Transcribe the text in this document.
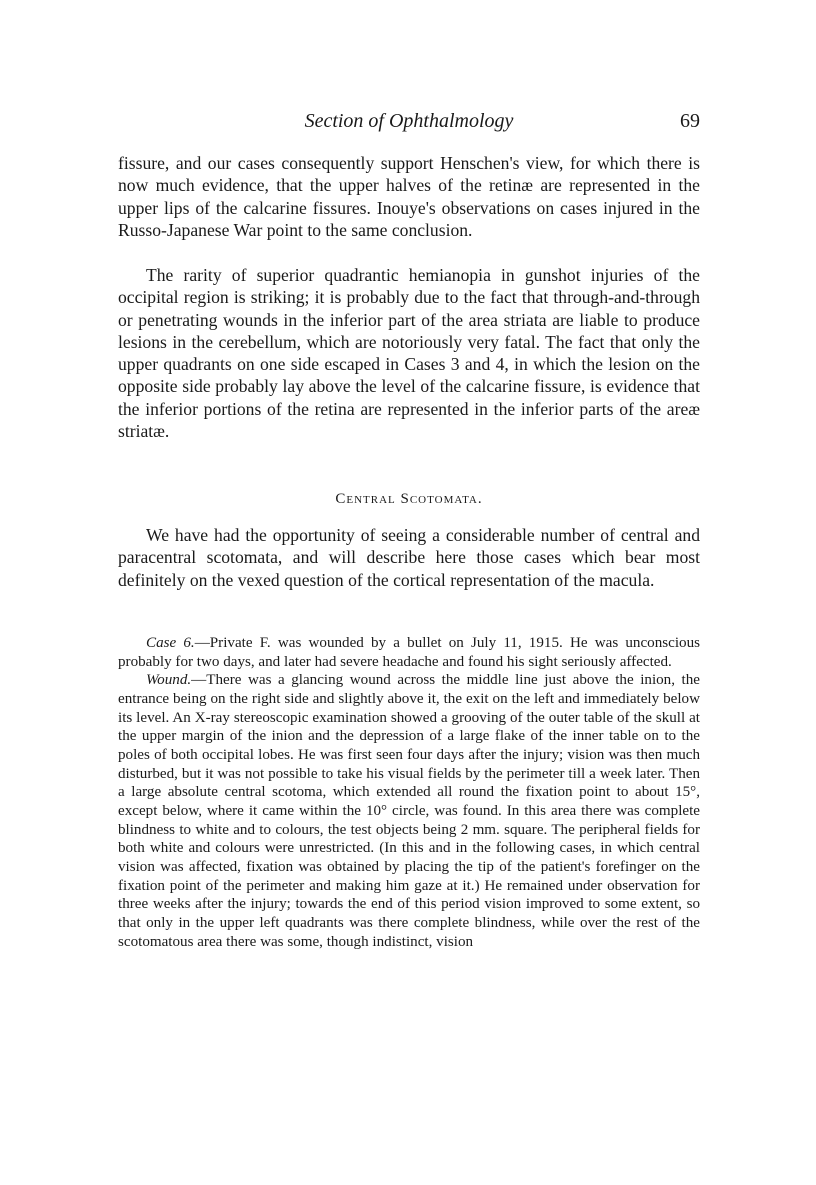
Section of Ophthalmology	69

fissure, and our cases consequently support Henschen's view, for which there is now much evidence, that the upper halves of the retinæ are represented in the upper lips of the calcarine fissures. Inouye's observations on cases injured in the Russo-Japanese War point to the same conclusion.

The rarity of superior quadrantic hemianopia in gunshot injuries of the occipital region is striking; it is probably due to the fact that through-and-through or penetrating wounds in the inferior part of the area striata are liable to produce lesions in the cerebellum, which are notoriously very fatal. The fact that only the upper quadrants on one side escaped in Cases 3 and 4, in which the lesion on the opposite side probably lay above the level of the calcarine fissure, is evidence that the inferior portions of the retina are represented in the inferior parts of the areæ striatæ.

Central Scotomata.

We have had the opportunity of seeing a considerable number of central and paracentral scotomata, and will describe here those cases which bear most definitely on the vexed question of the cortical representation of the macula.

Case 6.—Private F. was wounded by a bullet on July 11, 1915. He was unconscious probably for two days, and later had severe headache and found his sight seriously affected.

Wound.—There was a glancing wound across the middle line just above the inion, the entrance being on the right side and slightly above it, the exit on the left and immediately below its level. An X-ray stereoscopic examination showed a grooving of the outer table of the skull at the upper margin of the inion and the depression of a large flake of the inner table on to the poles of both occipital lobes. He was first seen four days after the injury; vision was then much disturbed, but it was not possible to take his visual fields by the perimeter till a week later. Then a large absolute central scotoma, which extended all round the fixation point to about 15°, except below, where it came within the 10° circle, was found. In this area there was complete blindness to white and to colours, the test objects being 2 mm. square. The peripheral fields for both white and colours were unrestricted. (In this and in the following cases, in which central vision was affected, fixation was obtained by placing the tip of the patient's forefinger on the fixation point of the perimeter and making him gaze at it.) He remained under observation for three weeks after the injury; towards the end of this period vision improved to some extent, so that only in the upper left quadrants was there complete blindness, while over the rest of the scotomatous area there was some, though indistinct, vision
